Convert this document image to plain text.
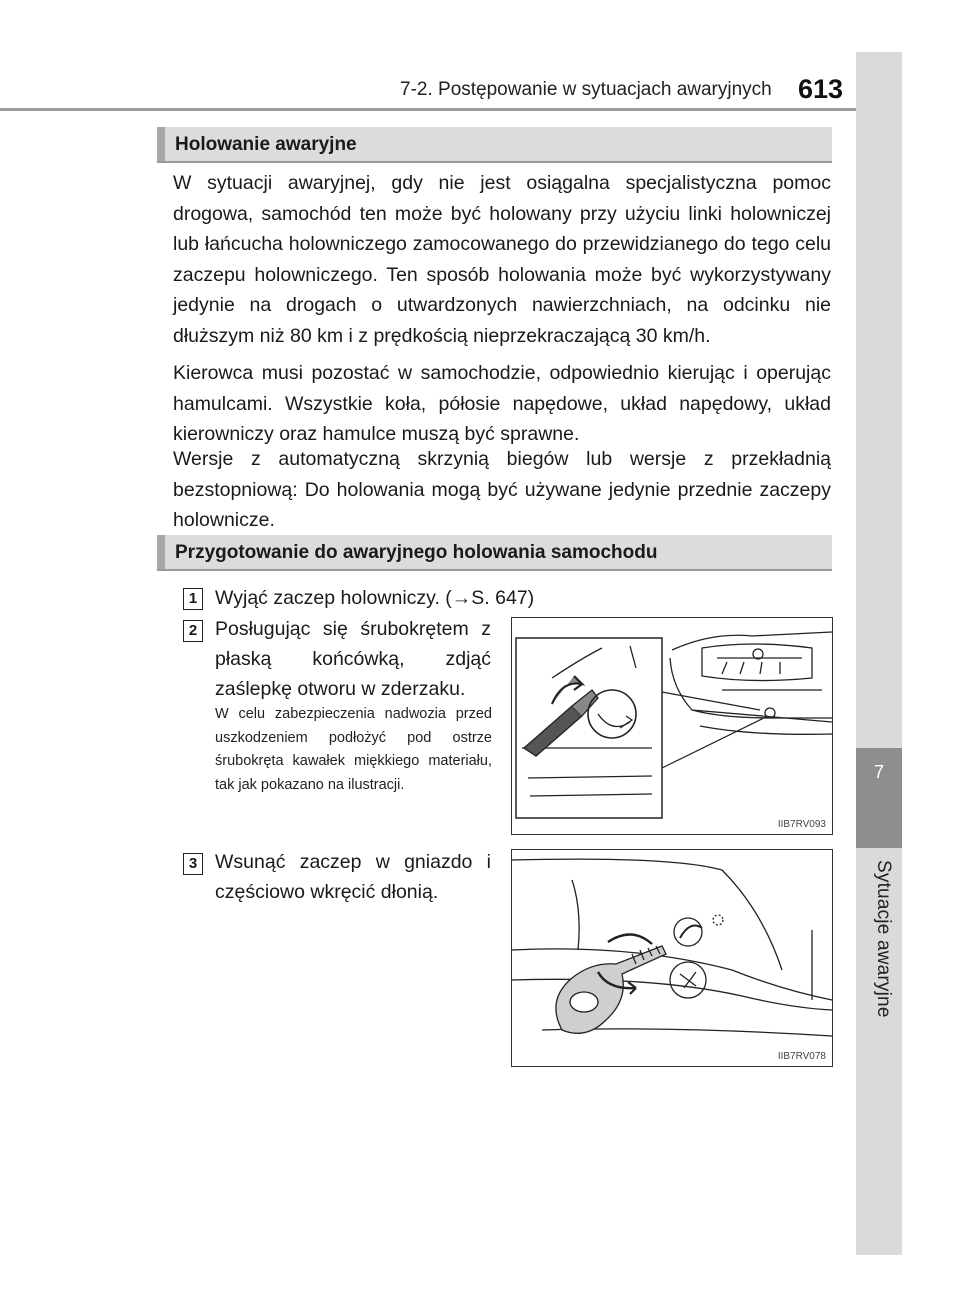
7-2. Postępowanie w sytuacjach awaryjnych 613
7
Sytuacje awaryjne
Holowanie awaryjne

W sytuacji awaryjnej, gdy nie jest osiągalna specjalistyczna pomoc drogowa, samochód ten może być holowany przy użyciu linki holowniczej lub łańcucha holowniczego zamocowanego do przewidzianego do tego celu zaczepu holowniczego. Ten sposób holowania może być wykorzystywany jedynie na drogach o utwardzonych nawierzchniach, na odcinku nie dłuższym niż 80 km i z prędkością nieprzekraczającą 30 km/h.

Kierowca musi pozostać w samochodzie, odpowiednio kierując i operując hamulcami. Wszystkie koła, półosie napędowe, układ napędowy, układ kierowniczy oraz hamulce muszą być sprawne.

Wersje z automatyczną skrzynią biegów lub wersje z przekładnią bezstopniową: Do holowania mogą być używane jedynie przednie zaczepy holownicze.

Przygotowanie do awaryjnego holowania samochodu
1 Wyjąć zaczep holowniczy. (→S. 647)

2 Posługując się śrubokrętem z płaską końcówką, zdjąć zaślepkę otworu w zderzaku.

W celu zabezpieczenia nadwozia przed uszkodzeniem podłożyć pod ostrze śrubokręta kawałek miękkiego materiału, tak jak pokazano na ilustracji.

IIB7RV093
3 Wsunąć zaczep w gniazdo i częściowo wkręcić dłonią.

IIB7RV078
